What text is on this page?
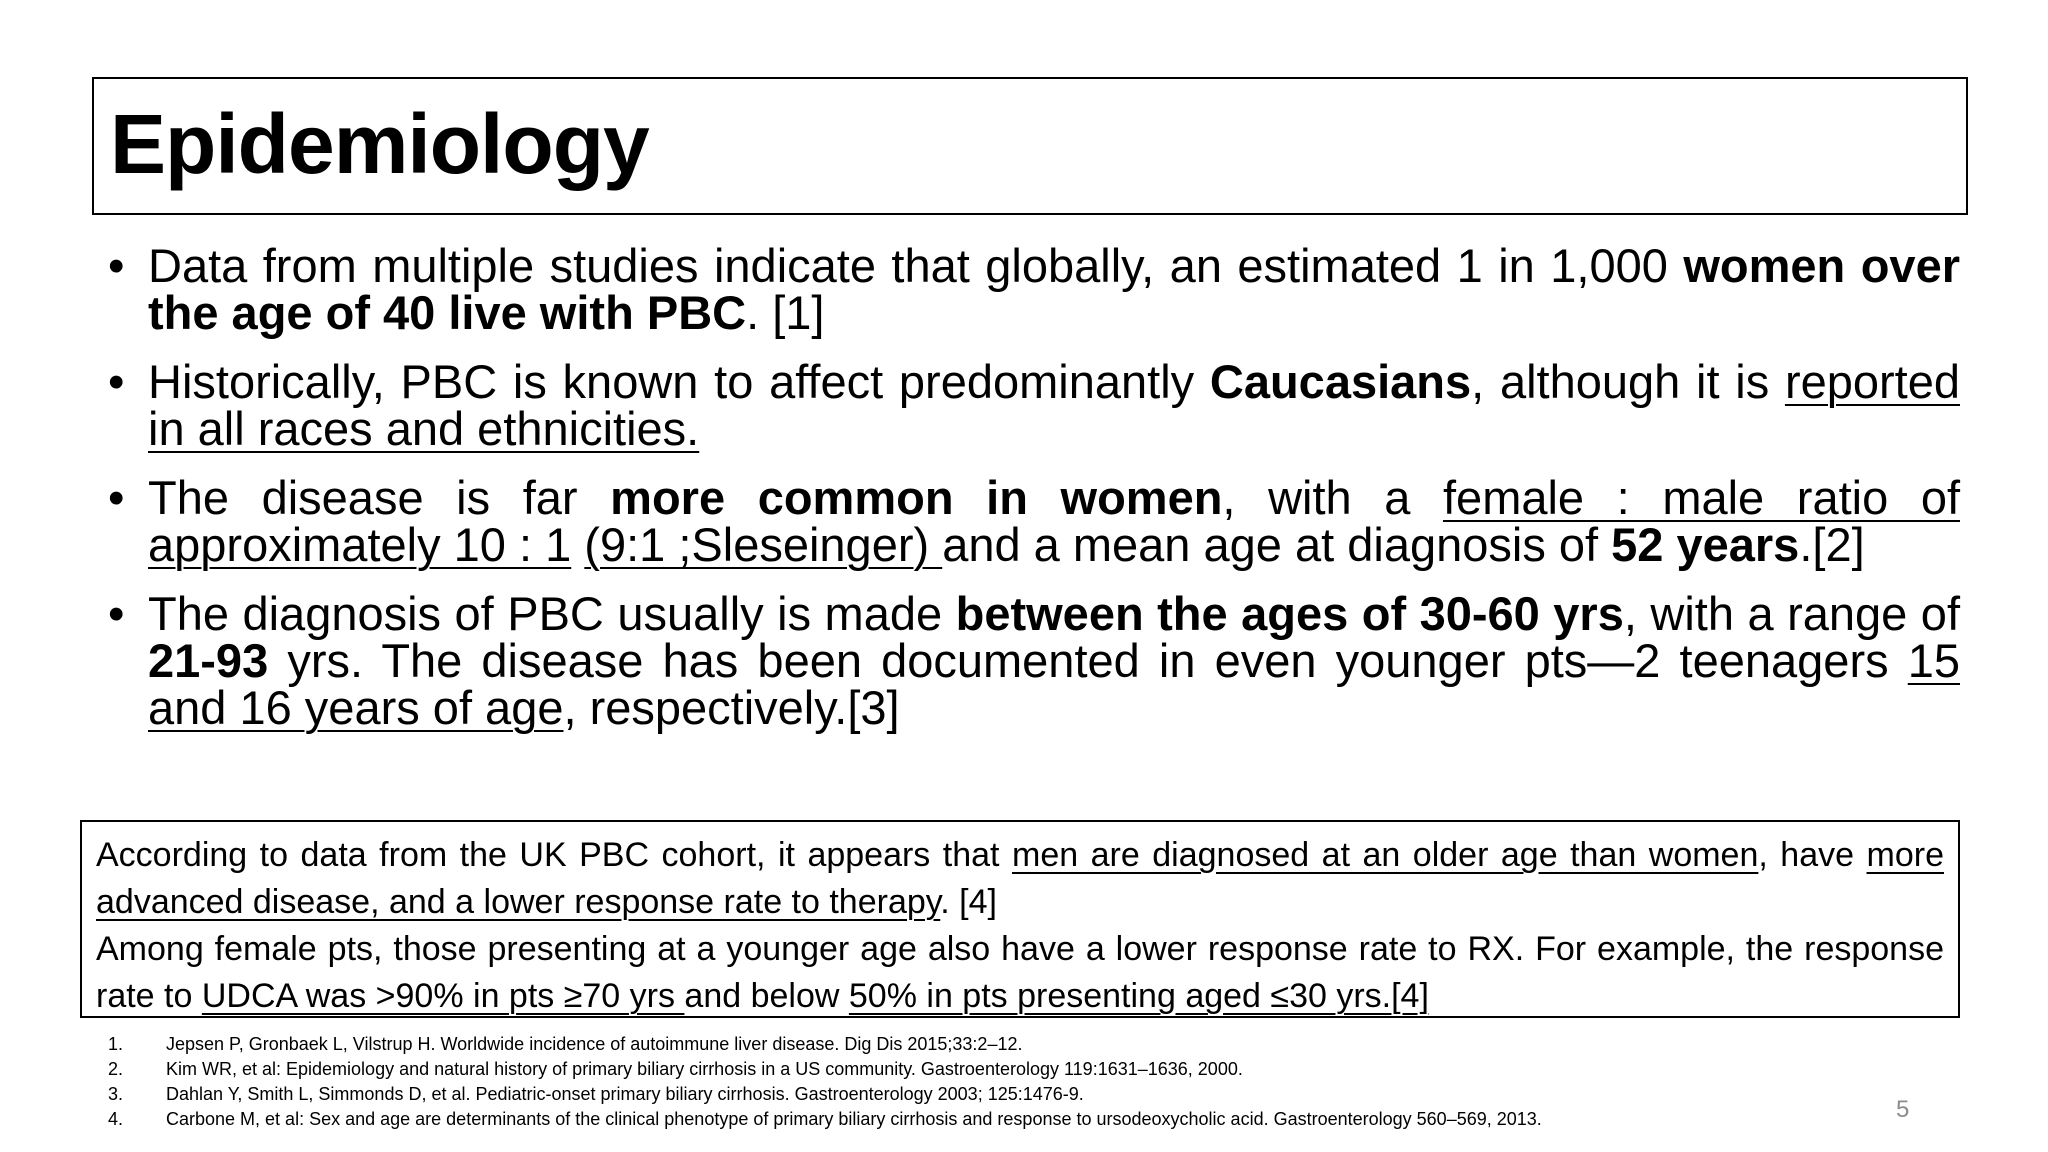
Epidemiology
• Data from multiple studies indicate that globally, an estimated 1 in 1,000 women over the age of 40 live with PBC. [1]
• Historically, PBC is known to affect predominantly Caucasians, although it is reported in all races and ethnicities.
• The disease is far more common in women, with a female : male ratio of approximately 10 : 1 (9:1 ;Sleseinger) and a mean age at diagnosis of 52 years.[2]
• The diagnosis of PBC usually is made between the ages of 30-60 yrs, with a range of 21-93 yrs. The disease has been documented in even younger pts—2 teenagers 15 and 16 years of age, respectively.[3]

According to data from the UK PBC cohort, it appears that men are diagnosed at an older age than women, have more advanced disease, and a lower response rate to therapy. [4]

Among female pts, those presenting at a younger age also have a lower response rate to RX. For example, the response rate to UDCA was >90% in pts ≥70 yrs and below 50% in pts presenting aged ≤30 yrs.[4]

1. Jepsen P, Gronbaek L, Vilstrup H. Worldwide incidence of autoimmune liver disease. Dig Dis 2015;33:2–12.
2. Kim WR, et al: Epidemiology and natural history of primary biliary cirrhosis in a US community. Gastroenterology 119:1631–1636, 2000.
3. Dahlan Y, Smith L, Simmonds D, et al. Pediatric-onset primary biliary cirrhosis. Gastroenterology 2003; 125:1476-9.
4. Carbone M, et al: Sex and age are determinants of the clinical phenotype of primary biliary cirrhosis and response to ursodeoxycholic acid. Gastroenterology 560–569, 2013.	5
